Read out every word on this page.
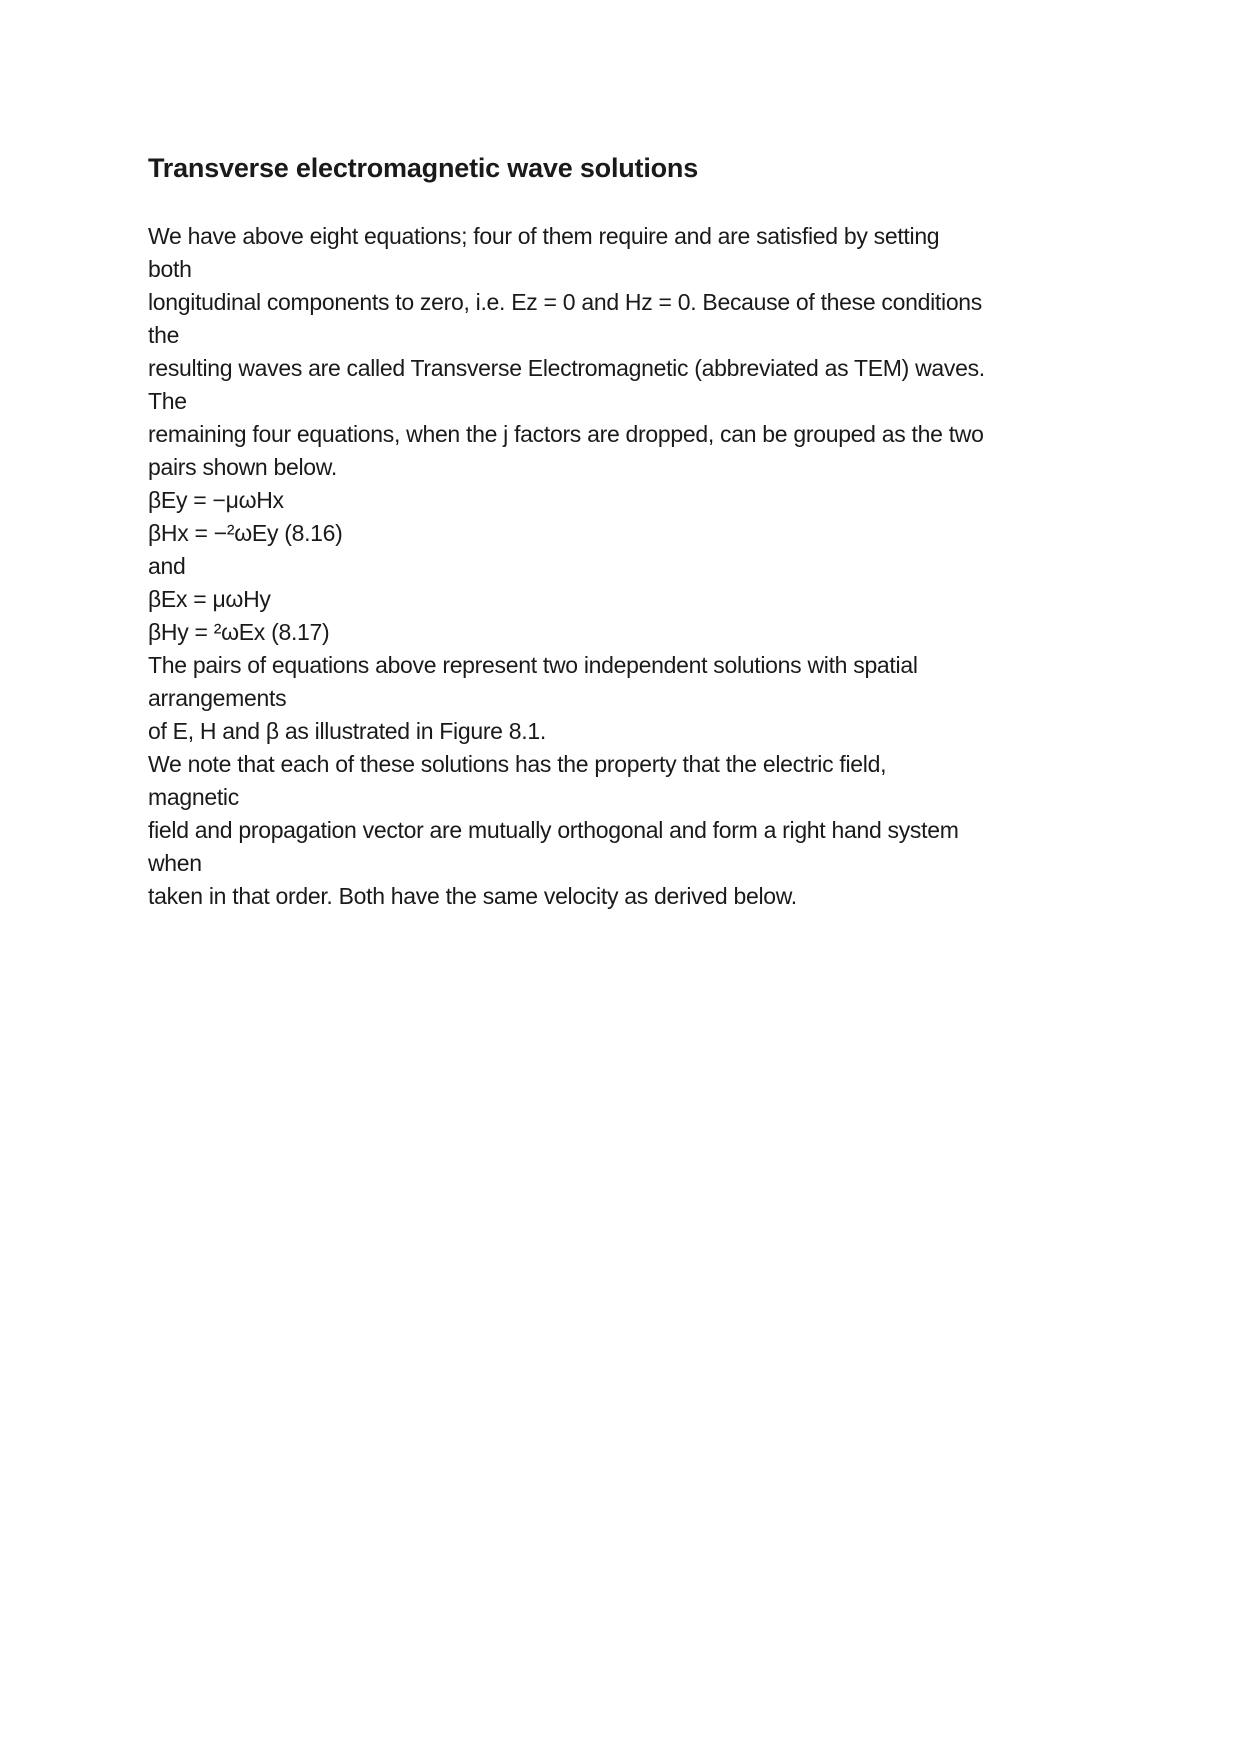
Transverse electromagnetic wave solutions
We have above eight equations; four of them require and are satisfied by setting
both
longitudinal components to zero, i.e. Ez = 0 and Hz = 0. Because of these conditions
the
resulting waves are called Transverse Electromagnetic (abbreviated as TEM) waves.
The
remaining four equations, when the j factors are dropped, can be grouped as the two
pairs shown below.
βEy = −μωHx
βHx = −²ωEy (8.16)
and
βEx = μωHy
βHy = ²ωEx (8.17)
The pairs of equations above represent two independent solutions with spatial
arrangements
of E, H and β as illustrated in Figure 8.1.
We note that each of these solutions has the property that the electric field,
magnetic
field and propagation vector are mutually orthogonal and form a right hand system
when
taken in that order. Both have the same velocity as derived below.
